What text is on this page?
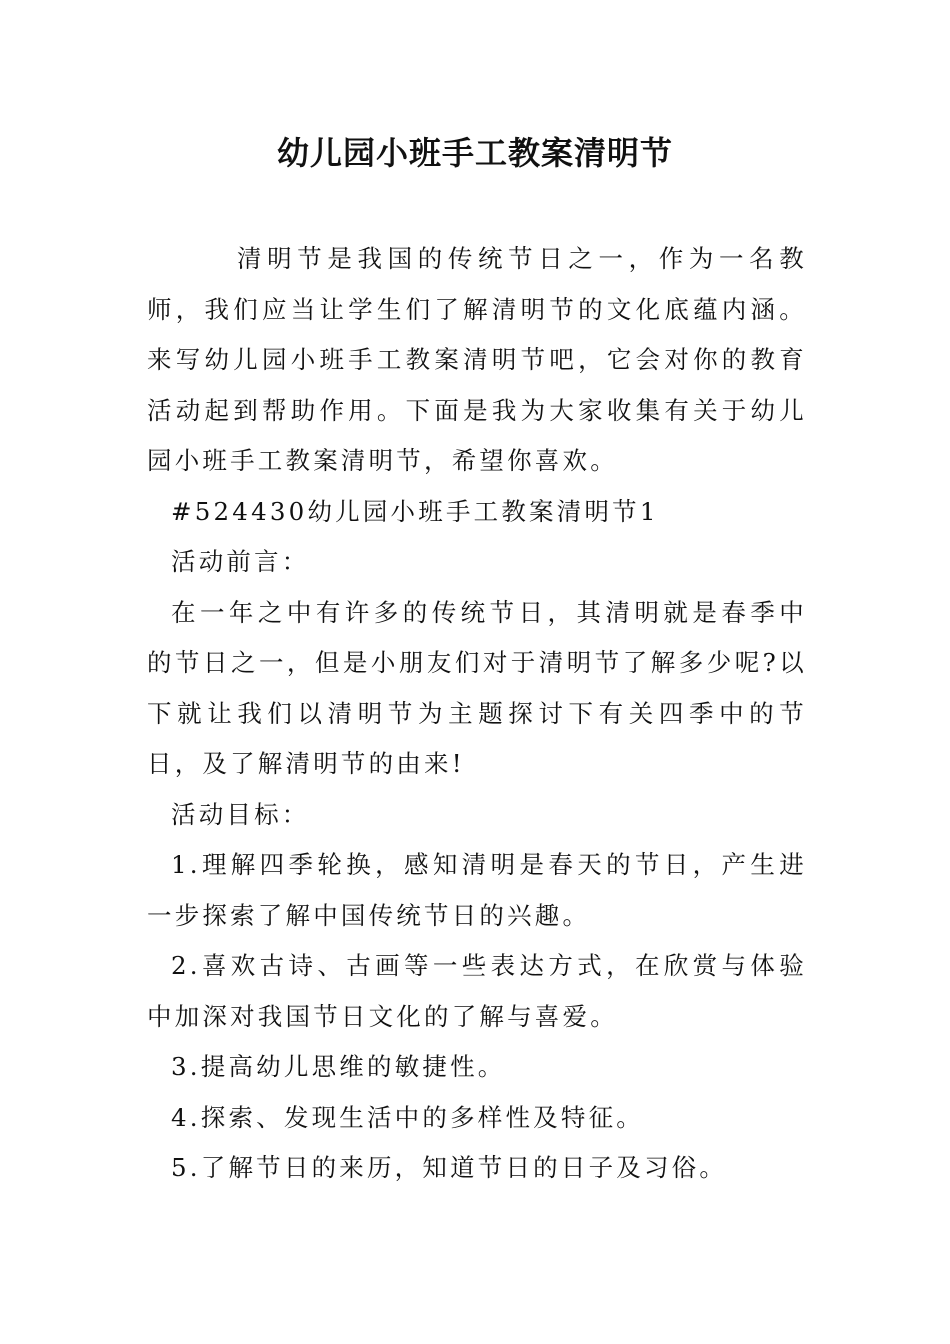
幼儿园小班手工教案清明节

清明节是我国的传统节日之一，作为一名教师，我们应当让学生们了解清明节的文化底蕴内涵。来写幼儿园小班手工教案清明节吧，它会对你的教育活动起到帮助作用。下面是我为大家收集有关于幼儿园小班手工教案清明节，希望你喜欢。

#524430幼儿园小班手工教案清明节1

活动前言：

在一年之中有许多的传统节日，其清明就是春季中的节日之一，但是小朋友们对于清明节了解多少呢?以下就让我们以清明节为主题探讨下有关四季中的节日，及了解清明节的由来!

活动目标：

1.理解四季轮换，感知清明是春天的节日，产生进一步探索了解中国传统节日的兴趣。

2.喜欢古诗、古画等一些表达方式，在欣赏与体验中加深对我国节日文化的了解与喜爱。

3.提高幼儿思维的敏捷性。

4.探索、发现生活中的多样性及特征。

5.了解节日的来历，知道节日的日子及习俗。
